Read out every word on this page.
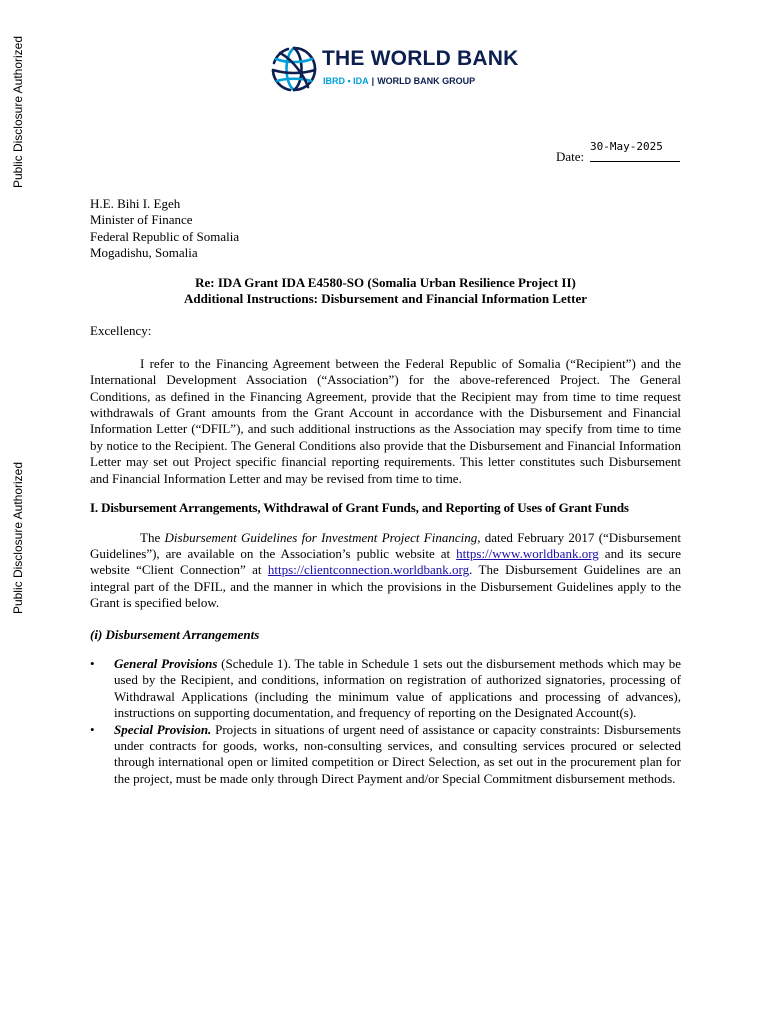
Public Disclosure Authorized
Public Disclosure Authorized
THE WORLD BANK
IBRD • IDA | WORLD BANK GROUP
Date:
30-May-2025
H.E. Bihi I. Egeh
Minister of Finance
Federal Republic of Somalia
Mogadishu, Somalia
Re: IDA Grant IDA E4580-SO (Somalia Urban Resilience Project II)
Additional Instructions: Disbursement and Financial Information Letter
Excellency:
I refer to the Financing Agreement between the Federal Republic of Somalia (“Recipient”) and the International Development Association (“Association”) for the above-referenced Project. The General Conditions, as defined in the Financing Agreement, provide that the Recipient may from time to time request withdrawals of Grant amounts from the Grant Account in accordance with the Disbursement and Financial Information Letter (“DFIL”), and such additional instructions as the Association may specify from time to time by notice to the Recipient. The General Conditions also provide that the Disbursement and Financial Information Letter may set out Project specific financial reporting requirements. This letter constitutes such Disbursement and Financial Information Letter and may be revised from time to time.
I. Disbursement Arrangements, Withdrawal of Grant Funds, and Reporting of Uses of Grant Funds
The Disbursement Guidelines for Investment Project Financing, dated February 2017 (“Disbursement Guidelines”), are available on the Association’s public website at https://www.worldbank.org and its secure website “Client Connection” at https://clientconnection.worldbank.org. The Disbursement Guidelines are an integral part of the DFIL, and the manner in which the provisions in the Disbursement Guidelines apply to the Grant is specified below.
(i) Disbursement Arrangements
• General Provisions (Schedule 1). The table in Schedule 1 sets out the disbursement methods which may be used by the Recipient, and conditions, information on registration of authorized signatories, processing of Withdrawal Applications (including the minimum value of applications and processing of advances), instructions on supporting documentation, and frequency of reporting on the Designated Account(s).
• Special Provision. Projects in situations of urgent need of assistance or capacity constraints: Disbursements under contracts for goods, works, non-consulting services, and consulting services procured or selected through international open or limited competition or Direct Selection, as set out in the procurement plan for the project, must be made only through Direct Payment and/or Special Commitment disbursement methods.
